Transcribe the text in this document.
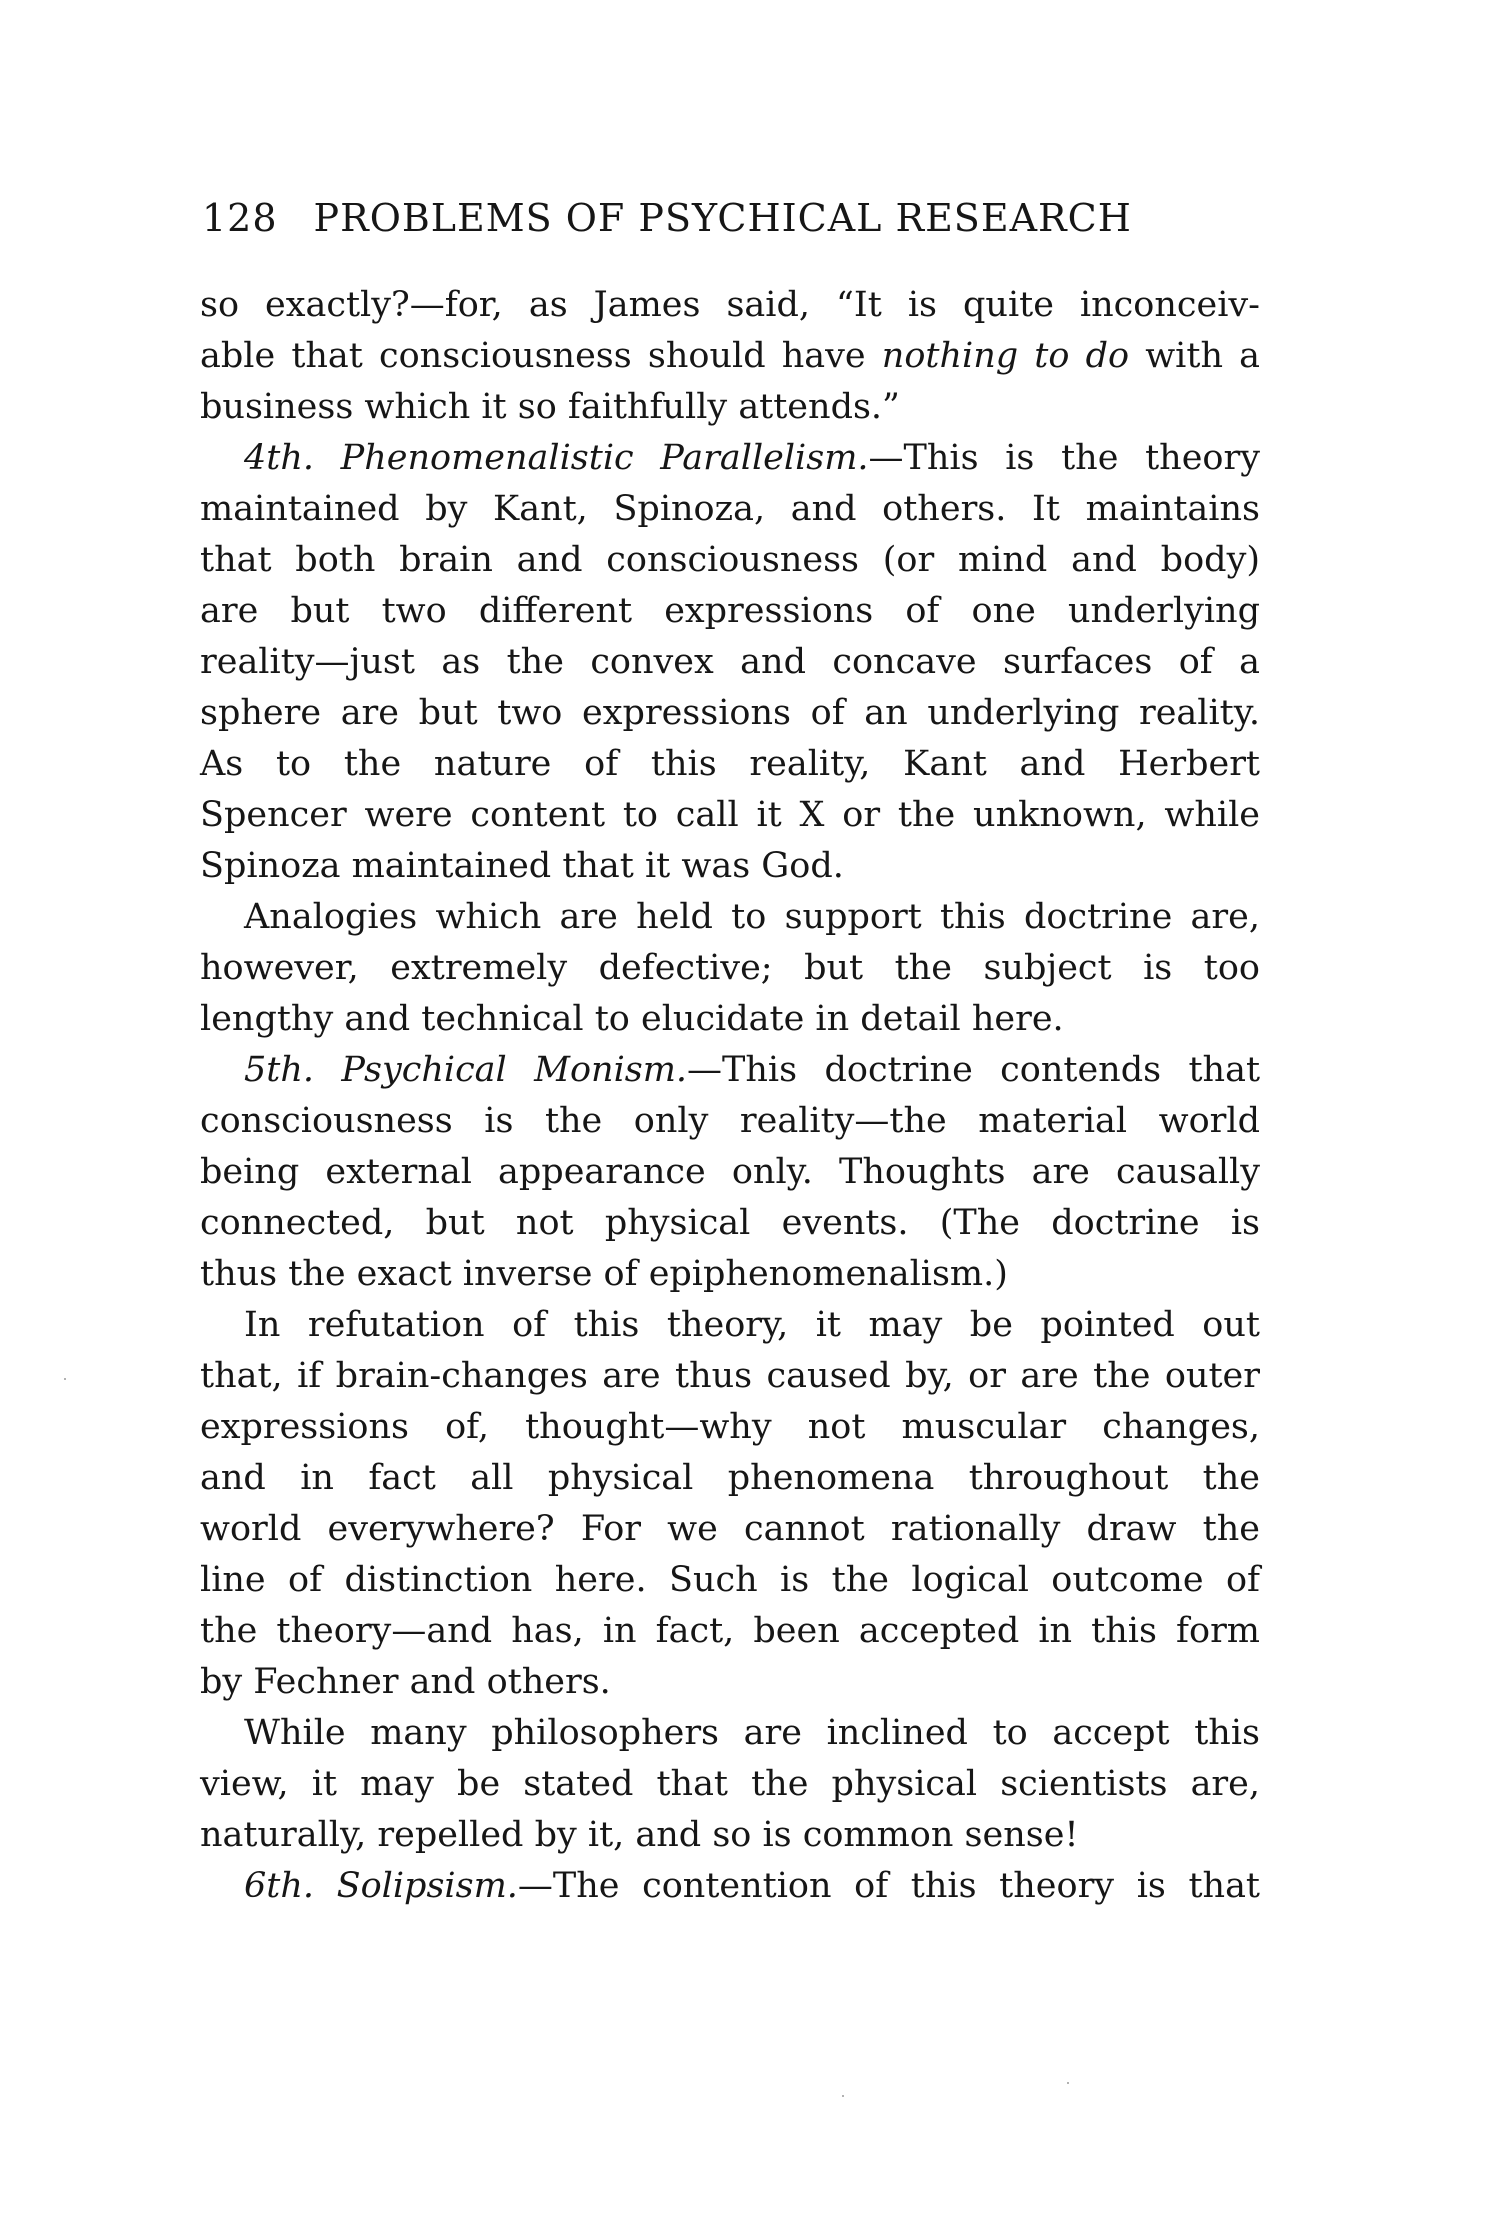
128 PROBLEMS OF PSYCHICAL RESEARCH
so exactly?—for, as James said, “It is quite inconceiv-
able that consciousness should have nothing to do with a
business which it so faithfully attends.”
4th. Phenomenalistic Parallelism.—This is the theory
maintained by Kant, Spinoza, and others. It maintains
that both brain and consciousness (or mind and body)
are but two different expressions of one underlying
reality—just as the convex and concave surfaces of a
sphere are but two expressions of an underlying reality.
As to the nature of this reality, Kant and Herbert
Spencer were content to call it X or the unknown, while
Spinoza maintained that it was God.
Analogies which are held to support this doctrine are,
however, extremely defective; but the subject is too
lengthy and technical to elucidate in detail here.
5th. Psychical Monism.—This doctrine contends that
consciousness is the only reality—the material world
being external appearance only. Thoughts are causally
connected, but not physical events. (The doctrine is
thus the exact inverse of epiphenomenalism.)
In refutation of this theory, it may be pointed out
that, if brain-changes are thus caused by, or are the outer
expressions of, thought—why not muscular changes,
and in fact all physical phenomena throughout the
world everywhere? For we cannot rationally draw the
line of distinction here. Such is the logical outcome of
the theory—and has, in fact, been accepted in this form
by Fechner and others.
While many philosophers are inclined to accept this
view, it may be stated that the physical scientists are,
naturally, repelled by it, and so is common sense!
6th. Solipsism.—The contention of this theory is that
